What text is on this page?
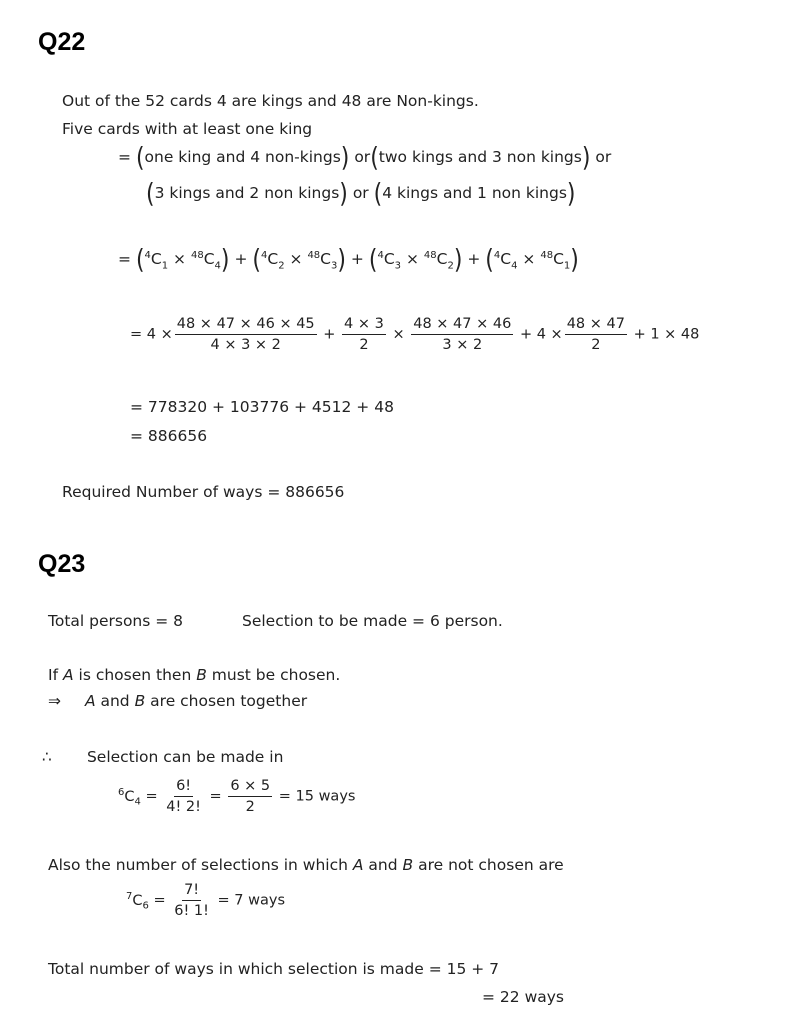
Q22
Out of the 52 cards 4 are kings and 48 are Non-kings.
Five cards with at least one king
= (one king and 4 non-kings) or(two kings and 3 non kings) or
(3 kings and 2 non kings) or (4 kings and 1 non kings)
= $(^4C_1 \times ^{48}C_4) + (^4C_2 \times ^{48}C_3) + (^4C_3 \times ^{48}C_2) + (^4C_4 \times ^{48}C_1)$
= $4 \times \frac{48 \times 47 \times 46 \times 45}{4 \times 3 \times 2} + \frac{4 \times 3}{2} \times \frac{48 \times 47 \times 46}{3 \times 2} + 4 \times \frac{48 \times 47}{2} + 1 \times 48$
= 778320 + 103776 + 4512 + 48
= 886656
Required Number of ways = 886656
Q23
Total persons = 8	Selection to be made = 6 person.
If A is chosen then B must be chosen.
⇒ A and B are chosen together
∴ Selection can be made in
$^6C_4 = \frac{6!}{4! 2!} = \frac{6 \times 5}{2} = 15$ ways
Also the number of selections in which A and B are not chosen are
$^7C_6 = \frac{7!}{6! 1!} = 7$ ways
Total number of ways in which selection is made = 15 + 7
= 22 ways
